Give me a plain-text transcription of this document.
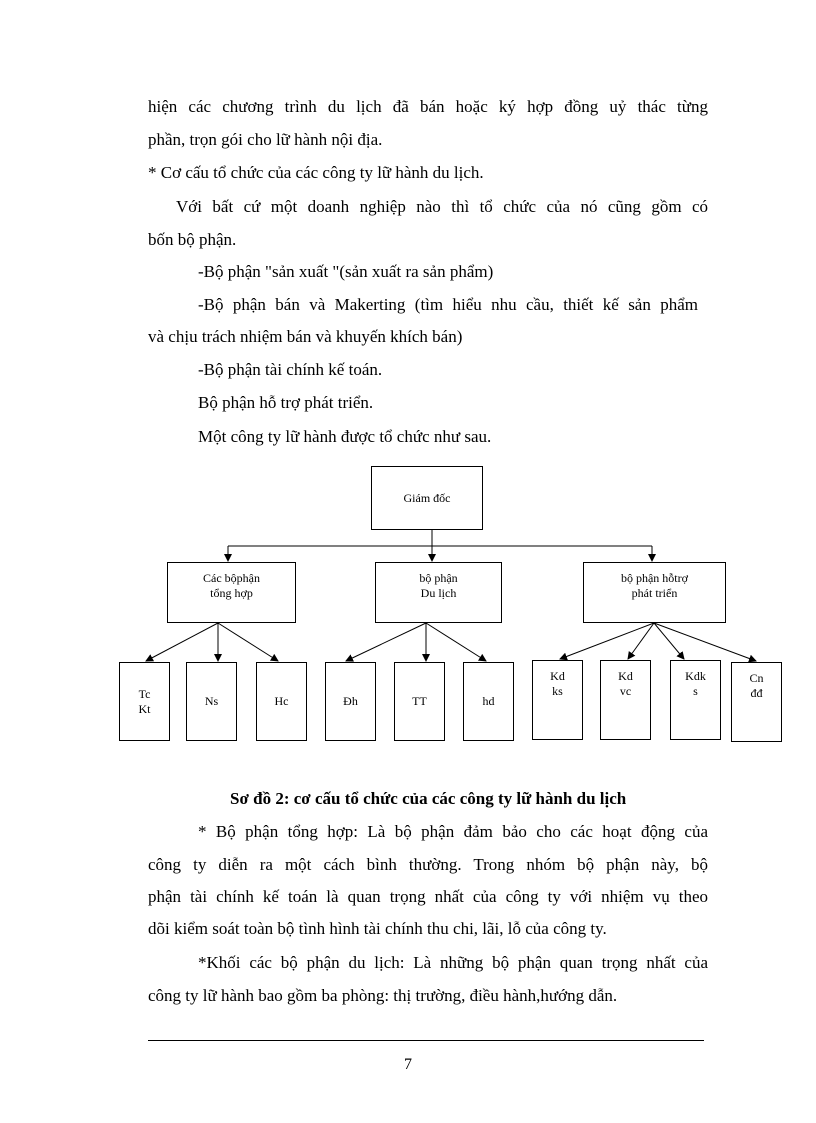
hiện các chương trình du lịch đã bán hoặc ký hợp đồng uỷ thác từng
phần, trọn gói cho lữ hành nội địa.
* Cơ cấu tổ chức của các công ty lữ hành du lịch.
Với bất cứ một doanh nghiệp nào thì tổ chức của nó cũng gồm có
bốn bộ phận.
-Bộ phận "sản xuất "(sản xuất ra sản phẩm)
-Bộ phận bán và Makerting (tìm hiểu nhu cầu, thiết kế sản phẩm
và chịu trách nhiệm bán và khuyến khích bán)
-Bộ phận tài chính kế toán.
Bộ phận hỗ trợ phát triển.
Một công ty lữ hành được tổ chức như sau.
Giám đốc
Các bộphận
tổng hợp
bộ phận
Du lịch
bộ phận hỗtrợ
phát triển
Tc
Kt
Ns	Hc	Đh	TT	hd
Kd
ks
Kd
vc
Kdk
s
Cn
đđ
Sơ đồ 2: cơ cấu tổ chức của các công ty lữ hành du lịch
* Bộ phận tổng hợp: Là bộ phận đảm bảo cho các hoạt động của
công ty diễn ra một cách bình thường. Trong nhóm bộ phận này, bộ
phận tài chính kế toán là quan trọng nhất của công ty với nhiệm vụ theo
dõi kiểm soát toàn bộ tình hình tài chính thu chi, lãi, lỗ của công ty.
*Khối các bộ phận du lịch: Là những bộ phận quan trọng nhất của
công ty lữ hành bao gồm ba phòng: thị trường, điều hành,hướng dẫn.
7
